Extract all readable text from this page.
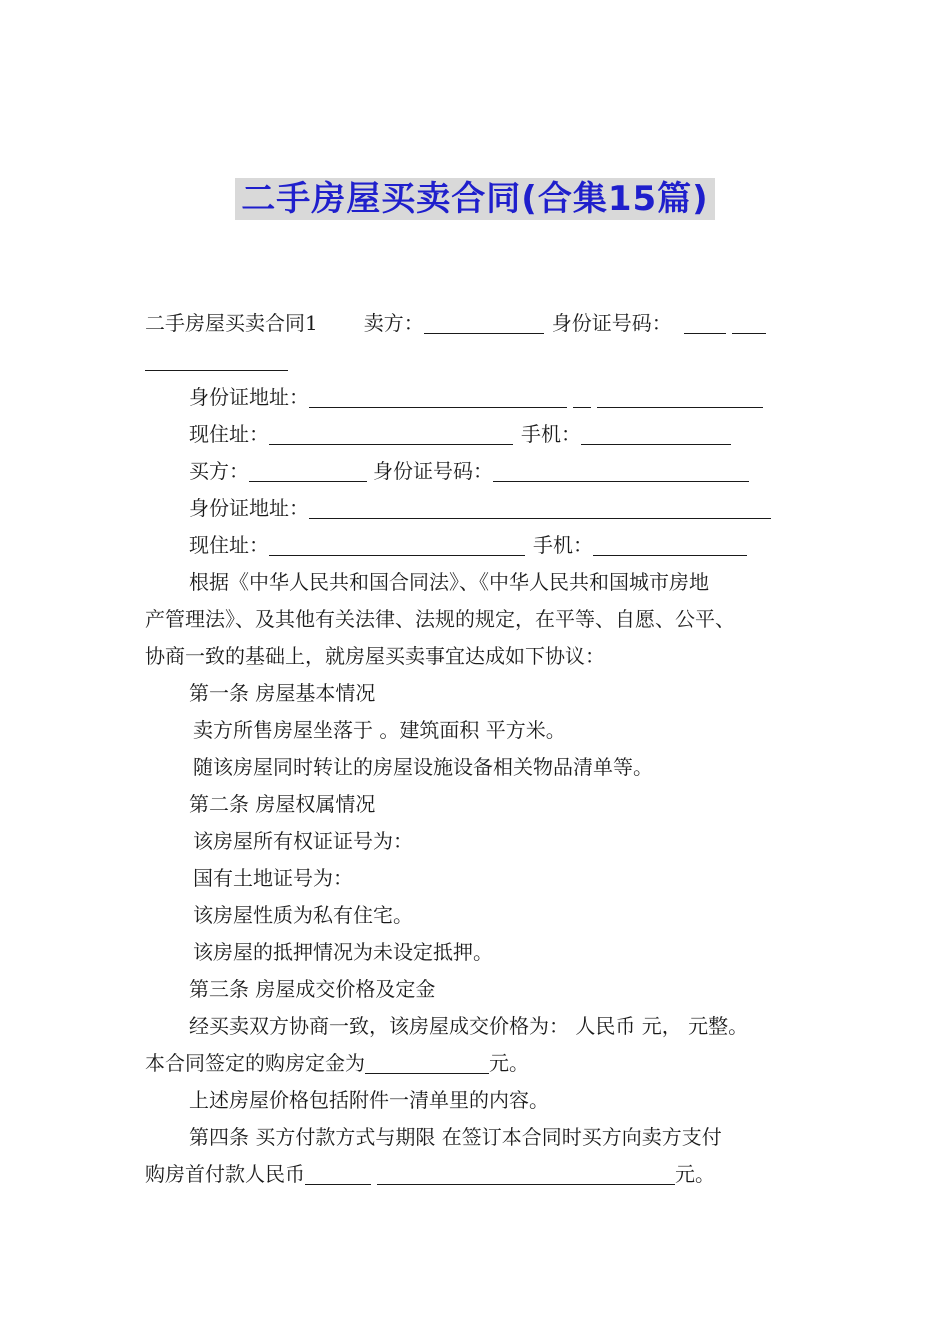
二手房屋买卖合同(合集15篇)
二手房屋买卖合同1 卖方：	身份证号码：
身份证地址：
现住址：	手机：
买方：	身份证号码：
身份证地址：
现住址：	手机：
根据《中华人民共和国合同法》、《中华人民共和国城市房地
产管理法》、及其他有关法律、法规的规定，在平等、自愿、公平、
协商一致的基础上，就房屋买卖事宜达成如下协议：
第一条 房屋基本情况
卖方所售房屋坐落于 。建筑面积 平方米。
随该房屋同时转让的房屋设施设备相关物品清单等。
第二条 房屋权属情况
该房屋所有权证证号为：
国有土地证号为：
该房屋性质为私有住宅。
该房屋的抵押情况为未设定抵押。
第三条 房屋成交价格及定金
经买卖双方协商一致，该房屋成交价格为： 人民币 元， 元整。
本合同签定的购房定金为	元。
上述房屋价格包括附件一清单里的内容。
第四条 买方付款方式与期限 在签订本合同时买方向卖方支付
购房首付款人民币	元。
